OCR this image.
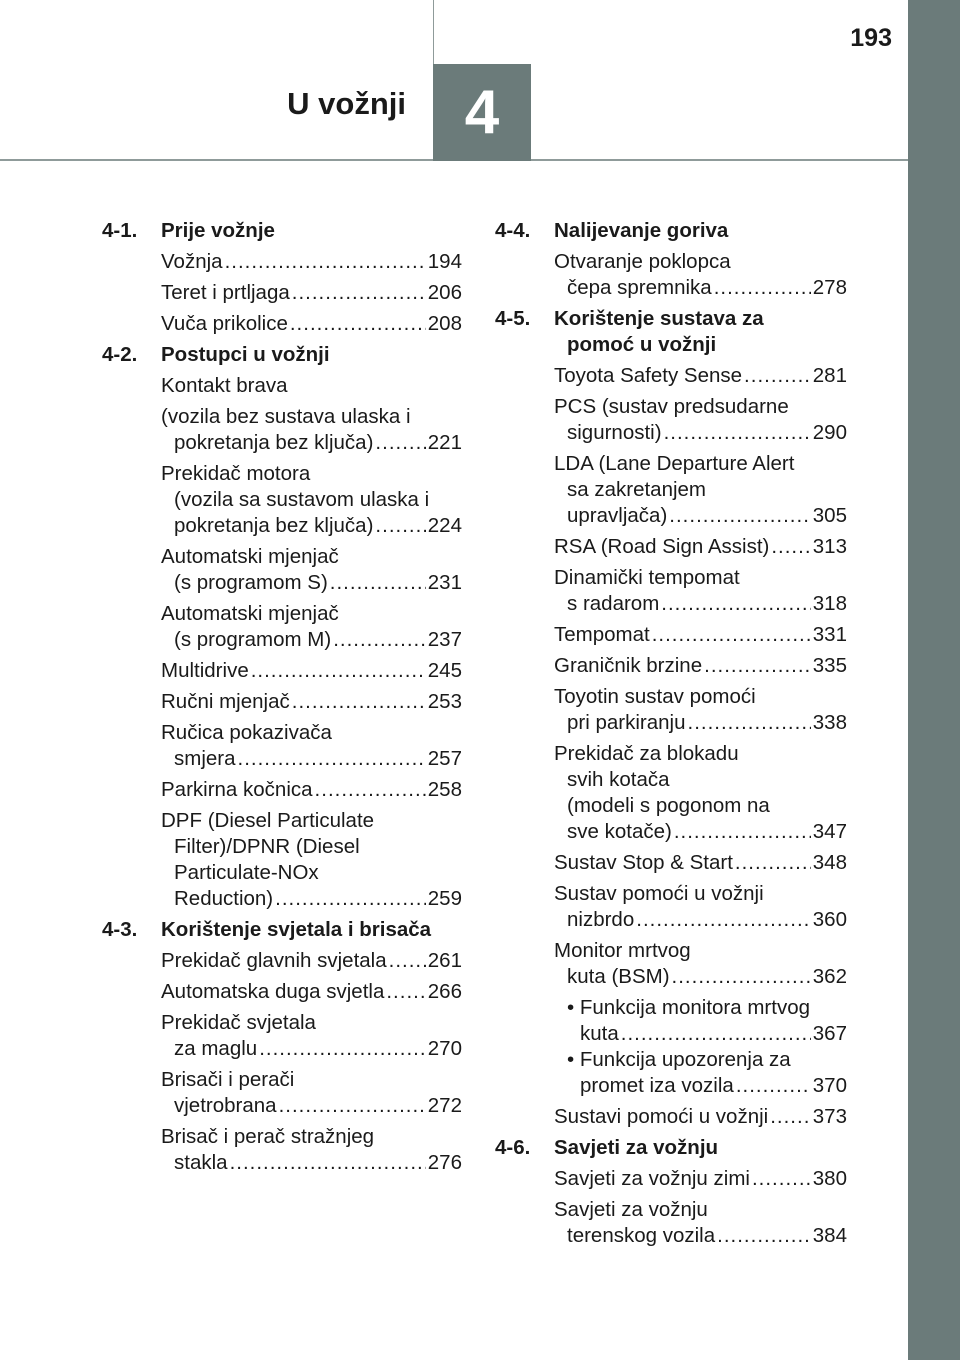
4
U vožnji
193
4-1.	Prije vožnje
Vožnja .....	194
Teret i prtljaga .....	206
Vuča prikolice .....	208
4-2.	Postupci u vožnji
Kontakt brava
(vozila bez sustava ulaska i
pokretanja bez ključa) .....	221
Prekidač motora
(vozila sa sustavom ulaska i
pokretanja bez ključa) .....	224
Automatski mjenjač
(s programom S) .....	231
Automatski mjenjač
(s programom M) .....	237
Multidrive .....	245
Ručni mjenjač .....	253
Ručica pokazivača
smjera .....	257
Parkirna kočnica .....	258
DPF (Diesel Particulate
Filter)/DPNR (Diesel
Particulate-NOx
Reduction) .....	259
4-3.	Korištenje svjetala i brisača
Prekidač glavnih svjetala ..... 261
Automatska duga svjetla ..... 266
Prekidač svjetala
za maglu .....	270
Brisači i perači
vjetrobrana .....	272
Brisač i perač stražnjeg
stakla .....	276
4-4.	Nalijevanje goriva
Otvaranje poklopca
čepa spremnika .....	278
4-5.	Korištenje sustava za

pomoć u vožnji
Toyota Safety Sense .....	281
PCS (sustav predsudarne
sigurnosti) .....	290
LDA (Lane Departure Alert
sa zakretanjem
upravljača) .....	305
RSA (Road Sign Assist) ..... 313
Dinamički tempomat
s radarom .....	318
Tempomat .....	331
Graničnik brzine .....	335
Toyotin sustav pomoći
pri parkiranju .....	338
Prekidač za blokadu
svih kotača
(modeli s pogonom na
sve kotače) .....	347
Sustav Stop & Start .....	348
Sustav pomoći u vožnji
nizbrdo .....	360
Monitor mrtvog
kuta (BSM) .....	362
• Funkcija monitora mrtvog
kuta .....	367
• Funkcija upozorenja za
promet iza vozila .....	370
Sustavi pomoći u vožnji ..... 373
4-6.	Savjeti za vožnju
Savjeti za vožnju zimi .....	380
Savjeti za vožnju
terenskog vozila .....	384
